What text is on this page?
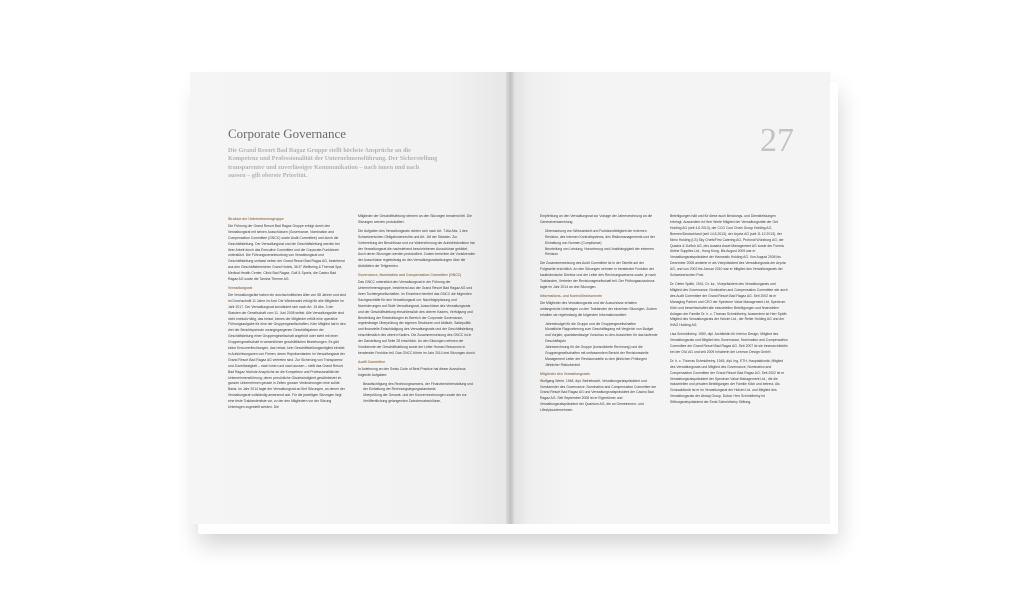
Corporate Governance

Die Grand Resort Bad Ragaz Gruppe stellt höchste Ansprüche an die Kompetenz und Professionalität der Unternehmensführung. Der Sicherstellung transparenter und zuverlässiger Kommunikation – nach innen und nach aussen – gilt oberste Priorität.

Struktur der Unternehmensgruppe

Die Führung der Grand Resort Bad Ragaz Gruppe erfolgt durch den Verwaltungsrat mit seinen Ausschüssen (Governance, Nomination and Compensation Committee (GNCC) sowie Audit Committee) und durch die Geschäftsleitung. Der Verwaltungsrat und die Geschäftsleitung werden bei ihrer Arbeit durch das Executive Committee und die Corporate-Funktionen unterstützt. Die Führungsverantwortung von Verwaltungsrat und Geschäftsleitung umfasst neben der Grand Resort Bad Ragaz AG, bestehend aus den Geschäftsbereichen Grand Hotels, 36.5° Wellbeing & Thermal Spa, Medical Health Center, Clinic Bad Ragaz, Golf & Sports, die Casino Bad Ragaz AG sowie die Tamina Therme AG.

Verwaltungsrat

Die Verwaltungsräte haben ein durchschnittliches Alter von 58 Jahren und sind im Durchschnitt 11 Jahre im Amt. Die Wiederwahl erfolgt für alle Mitglieder im Jahr 2017. Der Verwaltungsrat konstituiert sich nach Art. 15 Abs. 3 der Statuten der Gesellschaft vom 11. Juni 2008 selbst. Alle Verwaltungsräte sind nicht exekutiv tätig, das heisst, keines der Mitglieder erfüllt eine operative Führungsaufgabe für eine der Gruppengesellschaften. Kein Mitglied hat in den drei der Berichtsperiode vorangegangenen Geschäftsjahren der Geschäftsleitung einer Gruppengesellschaft angehört oder steht mit einer Gruppengesellschaft in wesentlichen geschäftlichen Beziehungen. Es gibt keine Kreuzverflechtungen, das heisst, kein Geschäftsleitungsmitglied einsitzt in Aufsichtsorganen von Firmen, deren Repräsentanten im Verwaltungsrat der Grand Resort Bad Ragaz AG vertreten sind. Zur Sicherung von Transparenz und Zuverlässigkeit – nach innen und nach aussen – stellt das Grand Resort Bad Ragaz höchste Ansprüche an die Kompetenz und Professionalität der Unternehmensführung, deren persönliche Glaubwürdigkeit gewährleistet im ganzen Unternehmen gerade in Zeiten grosser Veränderungen eine solide Basis. Im Jahr 2014 tagte der Verwaltungsrat an fünf Sitzungen, an denen der Verwaltungsrat vollständig anwesend war. Für die jeweiligen Sitzungen liegt eine feste Traktandenliste vor, zu der den Mitgliedern vor der Sitzung Unterlagen zugestellt werden. Die

Mitglieder der Geschäftsleitung nehmen an den Sitzungen beratend teil. Die Sitzungen werden protokolliert.

Die Aufgaben des Verwaltungsrats richten sich nach Art. 716a Abs. 1 des Schweizerischen Obligationenrechts und Art. 16f der Statuten. Zur Vorbereitung der Beschlüsse und zur Wahrnehmung der Aufsichtsfunktion hat der Verwaltungsrat die nachstehend beschriebenen Ausschüsse gebildet. Auch deren Sitzungen werden protokolliert. Zudem berichten die Vorsitzenden der Ausschüsse regelmässig an den Verwaltungsratssitzungen über die Aktivitäten der Teilgremien.

Governance, Nomination and Compensation Committee (GNCC)

Das GNCC unterstützt den Verwaltungsrat in der Führung der Unternehmensgruppe, bestehend aus der Grand Resort Bad Ragaz AG und ihren Tochtergesellschaften. Im Einzelnen bereitet das GNCC die folgenden Sachgeschäfte für den Verwaltungsrat vor: Nachfolgeplanung und Nominierungen auf Stufe Verwaltungsrat, Ausschüsse des Verwaltungsrats und der Geschäftsleitung einschliesslich des oberen Kaders, Verfolgung und Beurteilung der Entwicklungen im Bereich der Corporate Governance, regelmässige Überprüfung der eigenen Strukturen und Abläufe, Salärpolitik und finanzielle Entschädigung des Verwaltungsrats und der Geschäftsleitung einschliesslich des oberen Kaders. Die Zusammensetzung des GNCC ist in der Darstellung auf Seite 28 ersichtlich. An den Sitzungen nehmen der Vorsitzende der Geschäftsleitung sowie der Leiter Human Resources in beratender Funktion teil. Das GNCC führte im Jahr 2014 drei Sitzungen durch.

Audit Committee

In Anlehnung an den Swiss Code of Best Practice hat dieser Ausschuss folgende Aufgaben:

• Beaufsichtigung des Rechnungswesens, der Finanzberichterstattung und der Einhaltung der Rechnungslegungsstandards
• Überprüfung der Gesamt- und der Konzernrechnungen sowie der zur Veröffentlichung gelangenden Zwischenabschlüsse,
27

Empfehlung an den Verwaltungsrat zur Vorlage der Jahresrechnung an die Generalversammlung

• Überwachung von Wirksamkeit und Funktionsfähigkeit der externen Revision, des internen Kontrollsystems, des Risikomanagements und der Einhaltung von Normen (Compliance)
• Beurteilung von Leistung, Honorierung und Unabhängigkeit der externen Revision

Die Zusammensetzung des Audit Committee ist in der Tabelle auf der Folgeseite ersichtlich. An den Sitzungen nehmen in beratender Funktion der kaufmännische Direktor und der Leiter des Rechnungswesens sowie, je nach Traktanden, Vertreter der Revisionsgesellschaft teil. Der Prüfungsausschuss tagte im Jahr 2014 an drei Sitzungen.

Informations- und Kontrollinstrumente

Die Mitglieder des Verwaltungsrats und der Ausschüsse erhalten umfangreiche Unterlagen zu den Traktanden der einzelnen Sitzungen. Zudem erhalten sie regelmässig die folgenden Informationsmittel:

• Jahresbudget für die Gruppe und die Gruppengesellschaften
• Monatliche Rapportierung zum Geschäftsgang mit Vergleich von Budget und Vorjahr, quartalsmässige Vorschau zu den Aussichten für das laufende Geschäftsjahr
• Jahresrechnung für die Gruppe (konsolidierte Rechnung) und die Gruppengesellschaften mit umfassendem Bericht der Revisionsstelle
• Management Letter der Revisionsstelle zu den jährlichen Prüfungen
• Jährlicher Risikobericht

Mitglieder des Verwaltungsrats

Wolfgang Werlé, 1948, dipl. Betriebswirt, Verwaltungsratspräsident und Vorsitzender des Governance, Nomination and Compensation Committee der Grand Resort Bad Ragaz AG und Verwaltungsratspräsident der Casino Bad Ragaz AG. Seit September 2008 ist er Eigentümer und Verwaltungsratspräsident der Quantum AG, die an Gemeinnnen- und Lifestylounternehmen

Beteiligungen hält und für diese auch Beratungs- und Dienstleistungen erbringt. Ausserdem ist Herr Werlé Mitglied der Verwaltungsräte der Get Holding AG (seit 4.6.2013), der CCG Cool Chain Group Holding AG, Bremen/Deutschland (seit 14.6.2013), der Aryzta AG (seit 11.12.2013), der Nimo Holding (LS) Sky Chefs/First Catering AG, Profondi Würzburg AG, der Quadra & Zurfluh AG, des Avaaria Asset Management AG sowie der Formia Airline Supplies Ltd., Hong Kong. Bis August 2009 war er Verwaltungsratspräsident der Hanseatic Holding AG. Von August 2008 bis Dezember 2008 amtierte er als Vizepräsident des Verwaltungsrats der Aryzta AG, und von 2002 bis Januar 2010 war er Mitglied des Verwaltungsrats der Schweizerischen Post.

Dr. Dieter Späth, 1941, Dr. iur., Vizepräsident des Verwaltungsrats und Mitglied des Governance, Nomination and Compensation Committee wie auch des Audit Committee der Grand Resort Bad Ragaz AG. Seit 2002 ist er Managing Partner und CEO der Spectrum Value Management Ltd, Spectrum Kilch und beweirtschaftet alle industriellen Beteiligungen und finanziellen Anlagen der Familie Dr. h. c. Thomas Schmidheiny. Ausserdem ist Herr Späth Mitglied des Verwaltungsrats der Holcim Ltd., der Reiter Holding AG und der IHAG Holding AG.

Lisa Schmidheiny, 1980, dipl. Architektin für Interior Design, Mitglied des Verwaltungsrats und Mitglied des Governance, Nomination and Compensation Committee der Grand Resort Bad Ragaz AG. Seit 2007 ist sie Innenarchitektin bei der OIU AG und seit 2009 Inhaberin der Lexmon Design GmbH.

Dr. h. c. Thomas Schmidheiny, 1945, dipl. Ing. ETH, Hauptaktionär, Mitglied des Verwaltungsrats und Mitglied des Governance, Nomination and Compensation Committee der Grand Resort Bad Ragaz AG. Seit 2002 ist er Verwaltungsratspräsident der Spectrum Value Management Ltd., die die industriellen und privaten Beteiligungen der Familie Kilch und betreut. Als Grossaktionär ist er im Verwaltungsrat der Holcim Ltd. und Mitglied des Verwaltungsrats der Abraaj Group, Dubai. Herr Schmidheiny ist Stiftungsratspräsident der Ernst Schmidheiny Stiftung.
